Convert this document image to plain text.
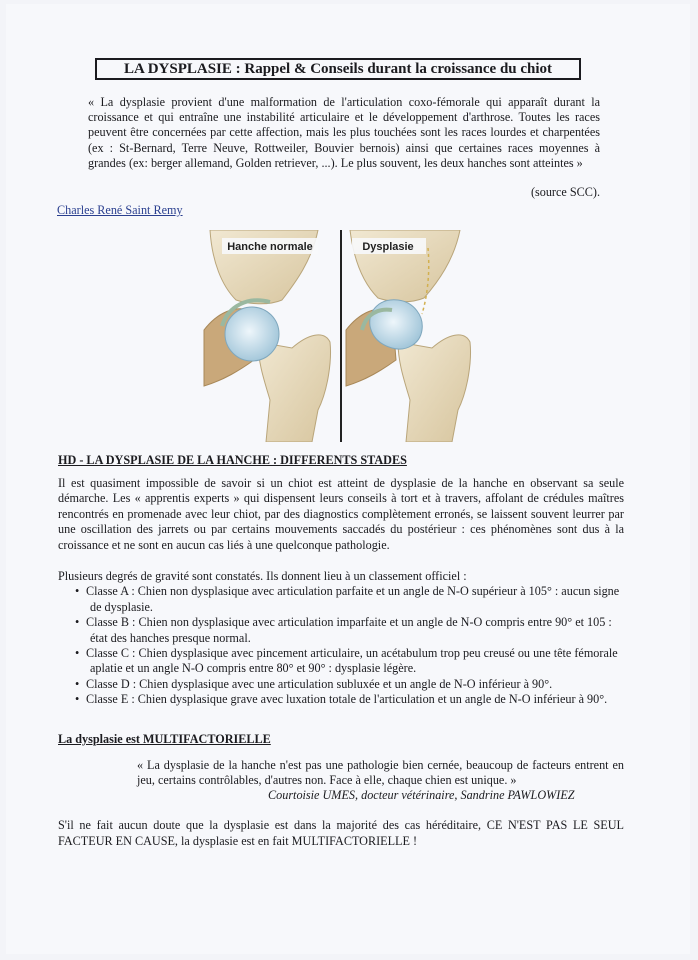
LA DYSPLASIE : Rappel & Conseils durant la croissance du chiot
« La dysplasie provient d'une malformation de l'articulation coxo-fémorale qui apparaît durant la croissance et qui entraîne une instabilité articulaire et le développement d'arthrose. Toutes les races peuvent être concernées par cette affection, mais les plus touchées sont les races lourdes et charpentées (ex : St-Bernard, Terre Neuve, Rottweiler, Bouvier bernois) ainsi que certaines races moyennes à grandes (ex: berger allemand, Golden retriever, ...). Le plus souvent, les deux hanches sont atteintes »
(source SCC).
Charles René Saint Remy
Hanche normale	Dysplasie
HD - LA DYSPLASIE DE LA HANCHE : DIFFERENTS STADES
Il est quasiment impossible de savoir si un chiot est atteint de dysplasie de la hanche en observant sa seule démarche. Les « apprentis experts » qui dispensent leurs conseils à tort et à travers, affolant de crédules maîtres rencontrés en promenade avec leur chiot, par des diagnostics complètement erronés, se laissent souvent leurrer par une oscillation des jarrets ou par certains mouvements saccadés du postérieur : ces phénomènes sont dus à la croissance et ne sont en aucun cas liés à une quelconque pathologie.
Plusieurs degrés de gravité sont constatés. Ils donnent lieu à un classement officiel :
• Classe A : Chien non dysplasique avec articulation parfaite et un angle de N-O supérieur à 105° : aucun signe de dysplasie.
• Classe B : Chien non dysplasique avec articulation imparfaite et un angle de N-O compris entre 90° et 105 : état des hanches presque normal.
• Classe C : Chien dysplasique avec pincement articulaire, un acétabulum trop peu creusé ou une tête fémorale aplatie et un angle N-O compris entre 80° et 90° : dysplasie légère.
• Classe D : Chien dysplasique avec une articulation subluxée et un angle de N-O inférieur à 90°.
• Classe E : Chien dysplasique grave avec luxation totale de l'articulation et un angle de N-O inférieur à 90°.
La dysplasie est MULTIFACTORIELLE
« La dysplasie de la hanche n'est pas une pathologie bien cernée, beaucoup de facteurs entrent en jeu, certains contrôlables, d'autres non. Face à elle, chaque chien est unique. »
Courtoisie UMES, docteur vétérinaire, Sandrine PAWLOWIEZ
S'il ne fait aucun doute que la dysplasie est dans la majorité des cas héréditaire, CE N'EST PAS LE SEUL FACTEUR EN CAUSE, la dysplasie est en fait MULTIFACTORIELLE !
